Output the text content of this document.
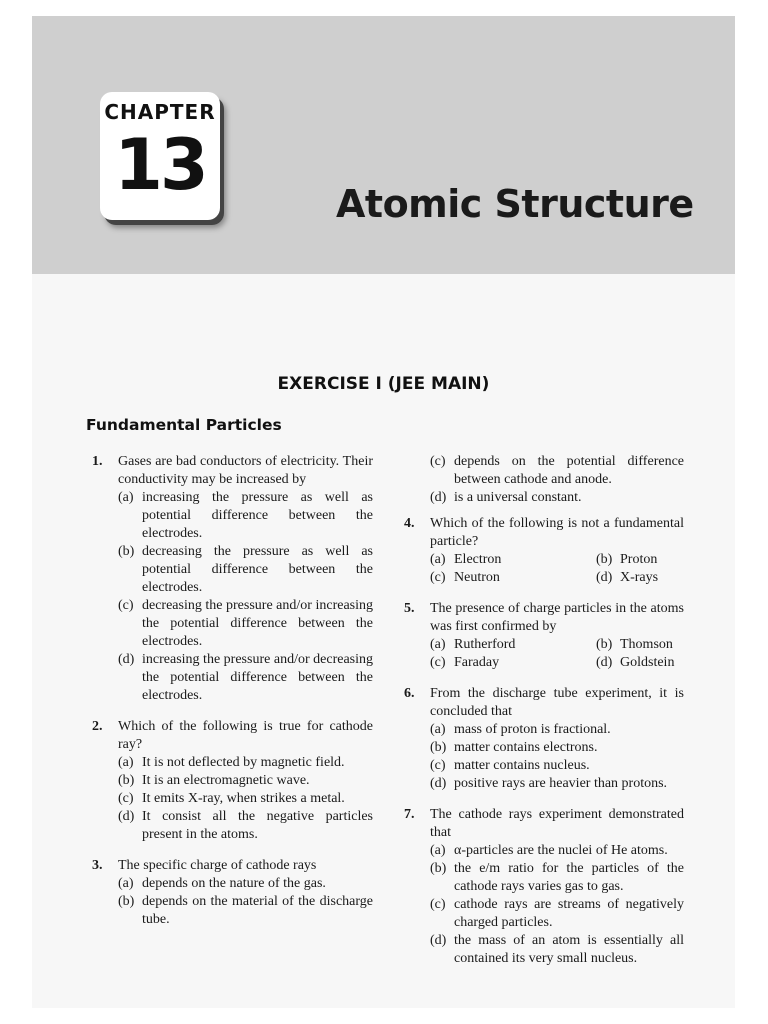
CHAPTER
13	Atomic Structure
EXERCISE I (JEE MAIN)
Fundamental Particles
1. Gases are bad conductors of electricity. Their conductivity may be increased by
(a) increasing the pressure as well as potential difference between the electrodes.
(b) decreasing the pressure as well as potential difference between the electrodes.
(c) decreasing the pressure and/or increasing the potential difference between the electrodes.
(d) increasing the pressure and/or decreasing the potential difference between the electrodes.
2. Which of the following is true for cathode ray?
(a) It is not deflected by magnetic field.
(b) It is an electromagnetic wave.
(c) It emits X-ray, when strikes a metal.
(d) It consist all the negative particles present in the atoms.
3. The specific charge of cathode rays
(a) depends on the nature of the gas.
(b) depends on the material of the discharge tube.
(c) depends on the potential difference between cathode and anode.
(d) is a universal constant.
4. Which of the following is not a fundamental particle?
(a) Electron	(b) Proton
(c) Neutron	(d) X-rays
5. The presence of charge particles in the atoms was first confirmed by
(a) Rutherford	(b) Thomson
(c) Faraday	(d) Goldstein
6. From the discharge tube experiment, it is concluded that
(a) mass of proton is fractional.
(b) matter contains electrons.
(c) matter contains nucleus.
(d) positive rays are heavier than protons.
7. The cathode rays experiment demonstrated that
(a) α-particles are the nuclei of He atoms.
(b) the e/m ratio for the particles of the cathode rays varies gas to gas.
(c) cathode rays are streams of negatively charged particles.
(d) the mass of an atom is essentially all contained its very small nucleus.
